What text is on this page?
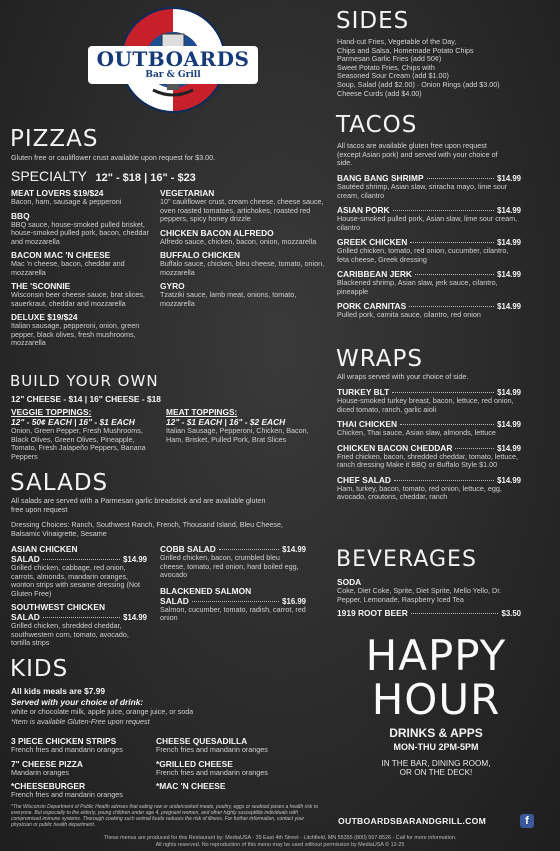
OUTBOARDS
Bar & Grill
PIZZAS
Gluten free or cauliflower crust available upon request for $3.00.
SPECIALTY 12" - $18 | 16" - $23
MEAT LOVERS $19/$24
Bacon, ham, sausage & pepperoni
BBQ
BBQ sauce, house-smoked pulled brisket, house-smoked pulled pork, bacon, cheddar and mozzarella
BACON MAC 'N CHEESE
Mac 'n cheese, bacon, cheddar and mozzarella
THE 'SCONNIE
Wisconsin beer cheese sauce, brat slices, sauerkraut, cheddar and mozzarella
DELUXE $19/$24
Italian sausage, pepperoni, onion, green pepper, black olives, fresh mushrooms, mozzarella
VEGETARIAN
10" cauliflower crust, cream cheese, cheese sauce, oven roasted tomatoes, artichokes, roasted red peppers, spicy honey drizzle
CHICKEN BACON ALFREDO
Alfredo sauce, chicken, bacon, onion, mozzarella
BUFFALO CHICKEN
Buffalo sauce, chicken, bleu cheese, tomato, onion, mozzarella
GYRO
Tzatziki sauce, lamb meat, onions, tomato, mozzarella
BUILD YOUR OWN
12" CHEESE - $14 | 16" CHEESE - $18
VEGGIE TOPPINGS:
12" - 50¢ EACH | 16" - $1 EACH
Onion, Green Pepper, Fresh Mushrooms, Black Olives, Green Olives, Pineapple, Tomato, Fresh Jalapeño Peppers, Banana Peppers
MEAT TOPPINGS:
12" - $1 EACH | 16" - $2 EACH
Italian Sausage, Pepperoni, Chicken, Bacon, Ham, Brisket, Pulled Pork, Brat Slices
SALADS
All salads are served with a Parmesan garlic breadstick and are available gluten free upon request
Dressing Choices: Ranch, Southwest Ranch, French, Thousand Island, Bleu Cheese, Balsamic Vinaigrette, Sesame
ASIAN CHICKEN
SALAD	$14.99
Grilled chicken, cabbage, red onion, carrots, almonds, mandarin oranges, wonton strips with sesame dressing (Not Gluten Free)
SOUTHWEST CHICKEN
SALAD	$14.99
Grilled chicken, shredded cheddar, southwestern corn, tomato, avocado, tortilla strips
COBB SALAD	$14.99
Grilled chicken, bacon, crumbled bleu cheese, tomato, red onion, hard boiled egg, avocado
BLACKENED SALMON
SALAD	$16.99
Salmon, cucumber, tomato, radish, carrot, red onion
KIDS
All kids meals are $7.99
Served with your choice of drink:
white or chocolate milk, apple juice, orange juice, or soda
*Item is available Gluten-Free upon request
3 PIECE CHICKEN STRIPS
French fries and mandarin oranges
7" CHEESE PIZZA
Mandarin oranges
*CHEESEBURGER
French fries and mandarin oranges
CHEESE QUESADILLA
French fries and mandarin oranges
*GRILLED CHEESE
French fries and mandarin oranges
*MAC 'N CHEESE
*The Wisconsin Department of Public Health advises that eating raw or undercooked meats, poultry, eggs or seafood poses a health risk to everyone. But especially to the elderly, young children under age 4, pregnant women, and other highly susceptible individuals with compromised immune systems. Thorough cooking such animal foods reduces the risk of illness. For further information, contact your physician or public health department.
SIDES
Hand-cut Fries, Vegetable of the Day,
Chips and Salsa, Homemade Potato Chips
Parmesan Garlic Fries (add 50¢)
Sweet Potato Fries, Chips with
Seasoned Sour Cream (add $1.00)
Soup, Salad (add $2.00) · Onion Rings (add $3.00)
Cheese Curds (add $4.00)
TACOS
All tacos are available gluten free upon request (except Asian pork) and served with your choice of side.
BANG BANG SHRIMP	$14.99
Sautéed shrimp, Asian slaw, sriracha mayo, lime sour cream, cilantro
ASIAN PORK	$14.99
House-smoked pulled pork, Asian slaw, lime sour cream, cilantro
GREEK CHICKEN	$14.99
Grilled chicken, tomato, red onion, cucumber, cilantro, feta cheese, Greek dressing
CARIBBEAN JERK	$14.99
Blackened shrimp, Asian slaw, jerk sauce, cilantro, pineapple
PORK CARNITAS	$14.99
Pulled pork, carnita sauce, cilantro, red onion
WRAPS
All wraps served with your choice of side.
TURKEY BLT	$14.99
House-smoked turkey breast, bacon, lettuce, red onion, diced tomato, ranch, garlic aioli
THAI CHICKEN	$14.99
Chicken, Thai sauce, Asian slaw, almonds, lettuce
CHICKEN BACON CHEDDAR	$14.99
Fried chicken, bacon, shredded cheddar, tomato, lettuce, ranch dressing Make it BBQ or Buffalo Style $1.00
CHEF SALAD	$14.99
Ham, turkey, bacon, tomato, red onion, lettuce, egg, avocado, croutons, cheddar, ranch
BEVERAGES
SODA
Coke, Diet Coke, Sprite, Diet Sprite, Mello Yello, Dr. Pepper, Lemonade, Raspberry Iced Tea
1919 ROOT BEER	$3.50
HAPPY
HOUR
DRINKS & APPS
MON-THU 2PM-5PM
IN THE BAR, DINING ROOM,
OR ON THE DECK!
OUTBOARDSBARANDGRILL.COM	f
These menus are produced for this Restaurant by: MediaUSA · 35 East 4th Street · Litchfield, MN 55355 (800) 567-8526 · Call for more information.
All rights reserved. No reproduction of this menu may be used without permission by MediaUSA © 12-25
